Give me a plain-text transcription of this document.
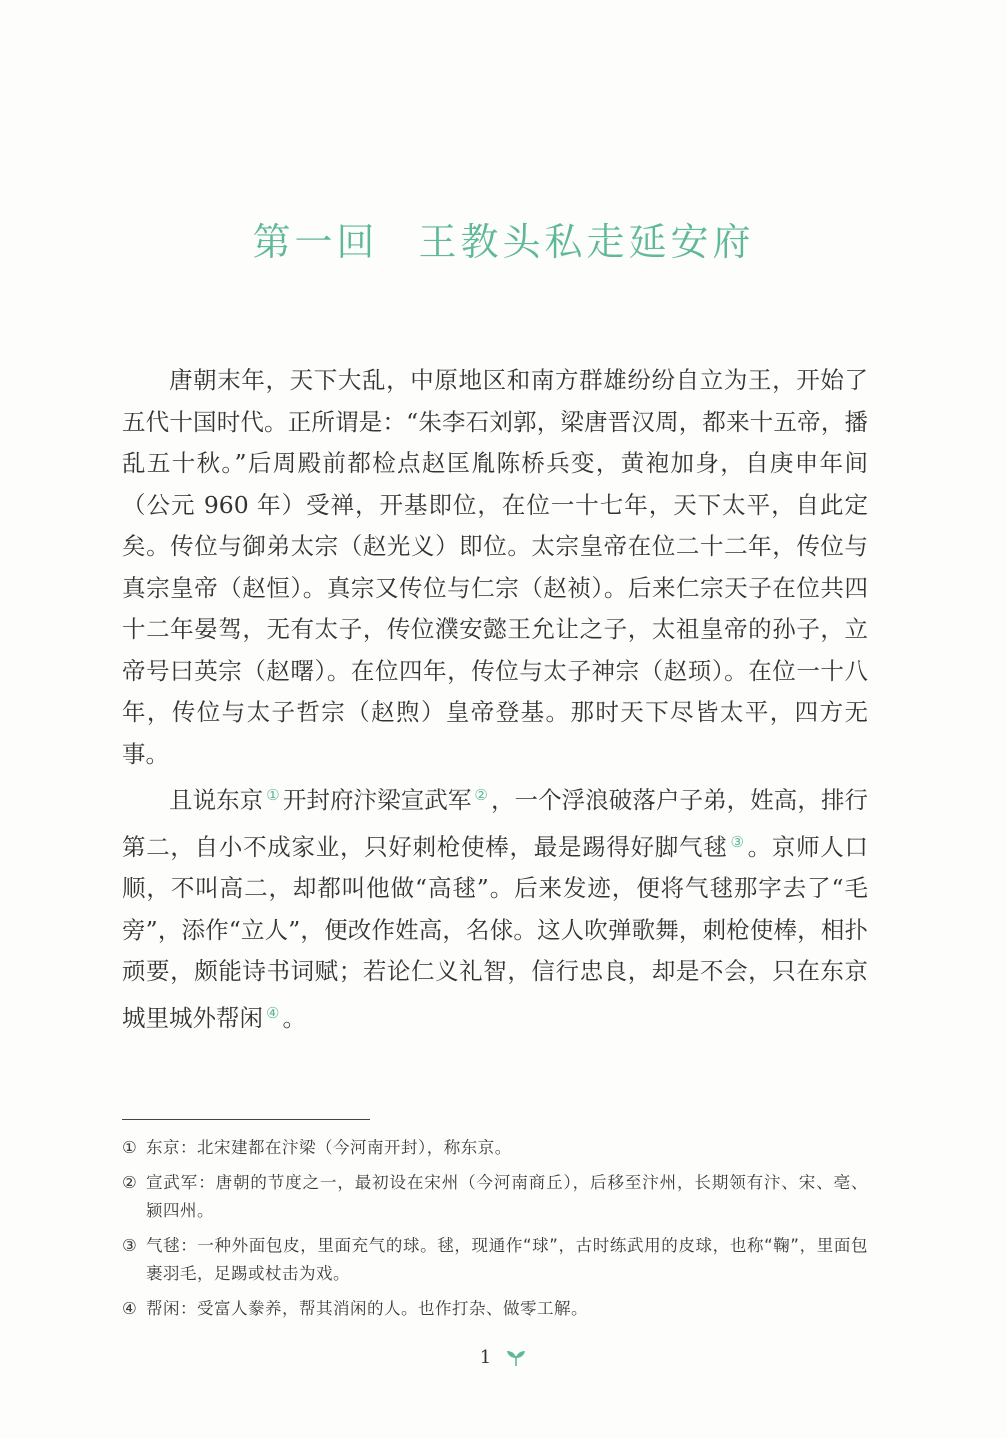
第一回 王教头私走延安府

唐朝末年，天下大乱，中原地区和南方群雄纷纷自立为王，开始了五代十国时代。正所谓是：“朱李石刘郭，梁唐晋汉周，都来十五帝，播乱五十秋。”后周殿前都检点赵匡胤陈桥兵变，黄袍加身，自庚申年间（公元 960 年）受禅，开基即位，在位一十七年，天下太平，自此定矣。传位与御弟太宗（赵光义）即位。太宗皇帝在位二十二年，传位与真宗皇帝（赵恒）。真宗又传位与仁宗（赵祯）。后来仁宗天子在位共四十二年晏驾，无有太子，传位濮安懿王允让之子，太祖皇帝的孙子，立帝号曰英宗（赵曙）。在位四年，传位与太子神宗（赵顼）。在位一十八年，传位与太子哲宗（赵煦）皇帝登基。那时天下尽皆太平，四方无事。

且说东京 ① 开封府汴梁宣武军 ② ，一个浮浪破落户子弟，姓高，排行第二，自小不成家业，只好刺枪使棒，最是踢得好脚气毬 ③ 。京师人口顺，不叫高二，却都叫他做“高毬”。后来发迹，便将气毬那字去了“毛旁”，添作“立人”，便改作姓高，名俅。这人吹弹歌舞，刺枪使棒，相扑顽要，颇能诗书词赋；若论仁义礼智，信行忠良，却是不会，只在东京城里城外帮闲 ④ 。

① 东京：北宋建都在汴梁（今河南开封），称东京。
② 宣武军：唐朝的节度之一，最初设在宋州（今河南商丘），后移至汴州，长期领有汴、宋、亳、颍四州。
③ 气毬：一种外面包皮，里面充气的球。毬，现通作“球”，古时练武用的皮球，也称“鞠”，里面包裹羽毛，足踢或杖击为戏。
④ 帮闲：受富人豢养，帮其消闲的人。也作打杂、做零工解。
1
